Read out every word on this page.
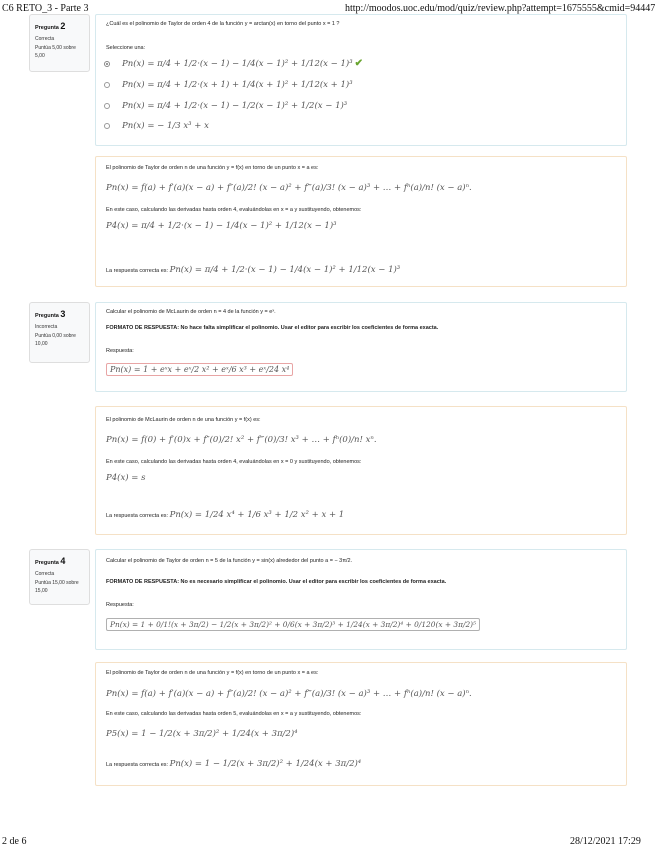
C6 RETO_3 - Parte 3	http://moodos.uoc.edu/mod/quiz/review.php?attempt=1675555&cmid=94447
Pregunta 2
Correcta
Puntúa 5,00 sobre 5,00
¿Cuál es el polinomio de Taylor de orden 4 de la función y = arctan(x) en torno del punto x = 1 ?
Seleccione una:
Pn(x) = π/4 + 1/2·(x − 1) − 1/4(x − 1)² + 1/12(x − 1)³ ✔
Pn(x) = π/4 + 1/2·(x + 1) + 1/4(x + 1)² + 1/12(x + 1)³
Pn(x) = π/4 + 1/2·(x − 1) − 1/2(x − 1)² + 1/2(x − 1)³
Pn(x) = − 1/3 x³ + x
El polinomio de Taylor de orden n de una función y = f(x) en torno de un punto x = a es:
Pn(x) = f(a) + f′(a)(x − a) + f″(a)/2! (x − a)² + f‴(a)/3! (x − a)³ + … + fⁿ(a)/n! (x − a)ⁿ.
En este caso, calculando las derivadas hasta orden 4, evaluándolas en x = a y sustituyendo, obtenemos:
P4(x) = π/4 + 1/2·(x − 1) − 1/4(x − 1)² + 1/12(x − 1)³
La respuesta correcta es: Pn(x) = π/4 + 1/2·(x − 1) − 1/4(x − 1)² + 1/12(x − 1)³
Pregunta 3
Incorrecta
Puntúa 0,00 sobre 10,00
Calcular el polinomio de McLaurin de orden n = 4 de la función y = eˣ.
FORMATO DE RESPUESTA: No hace falta simplificar el polinomio. Usar el editor para escribir los coeficientes de forma exacta.
Respuesta:
Pn(x) = 1 + eˣx + eˣ/2 x² + eˣ/6 x³ + eˣ/24 x⁴
El polinomio de McLaurin de orden n de una función y = f(x) es:
Pn(x) = f(0) + f′(0)x + f″(0)/2! x² + f‴(0)/3! x³ + … + fⁿ(0)/n! xⁿ.
En este caso, calculando las derivadas hasta orden 4, evaluándolas en x = 0 y sustituyendo, obtenemos:
P4(x) = s
La respuesta correcta es: Pn(x) = 1/24 x⁴ + 1/6 x³ + 1/2 x² + x + 1
Pregunta 4
Correcta
Puntúa 15,00 sobre 15,00
Calcular el polinomio de Taylor de orden n = 5 de la función y = sin(x) alrededor del punto a = − 3π/2.
FORMATO DE RESPUESTA: No es necesario simplificar el polinomio. Usar el editor para escribir los coeficientes de forma exacta.
Respuesta:
Pn(x) = 1 + 0/1!(x + 3π/2) − 1/2(x + 3π/2)² + 0/6(x + 3π/2)³ + 1/24(x + 3π/2)⁴ + 0/120(x + 3π/2)⁵
El polinomio de Taylor de orden n de una función y = f(x) en torno de un punto x = a es:
Pn(x) = f(a) + f′(a)(x − a) + f″(a)/2! (x − a)² + f‴(a)/3! (x − a)³ + … + fⁿ(a)/n! (x − a)ⁿ.
En este caso, calculando las derivadas hasta orden 5, evaluándolas en x = a y sustituyendo, obtenemos:
P5(x) = 1 − 1/2(x + 3π/2)² + 1/24(x + 3π/2)⁴
La respuesta correcta es: Pn(x) = 1 − 1/2(x + 3π/2)² + 1/24(x + 3π/2)⁴
2 de 6	28/12/2021 17:29
